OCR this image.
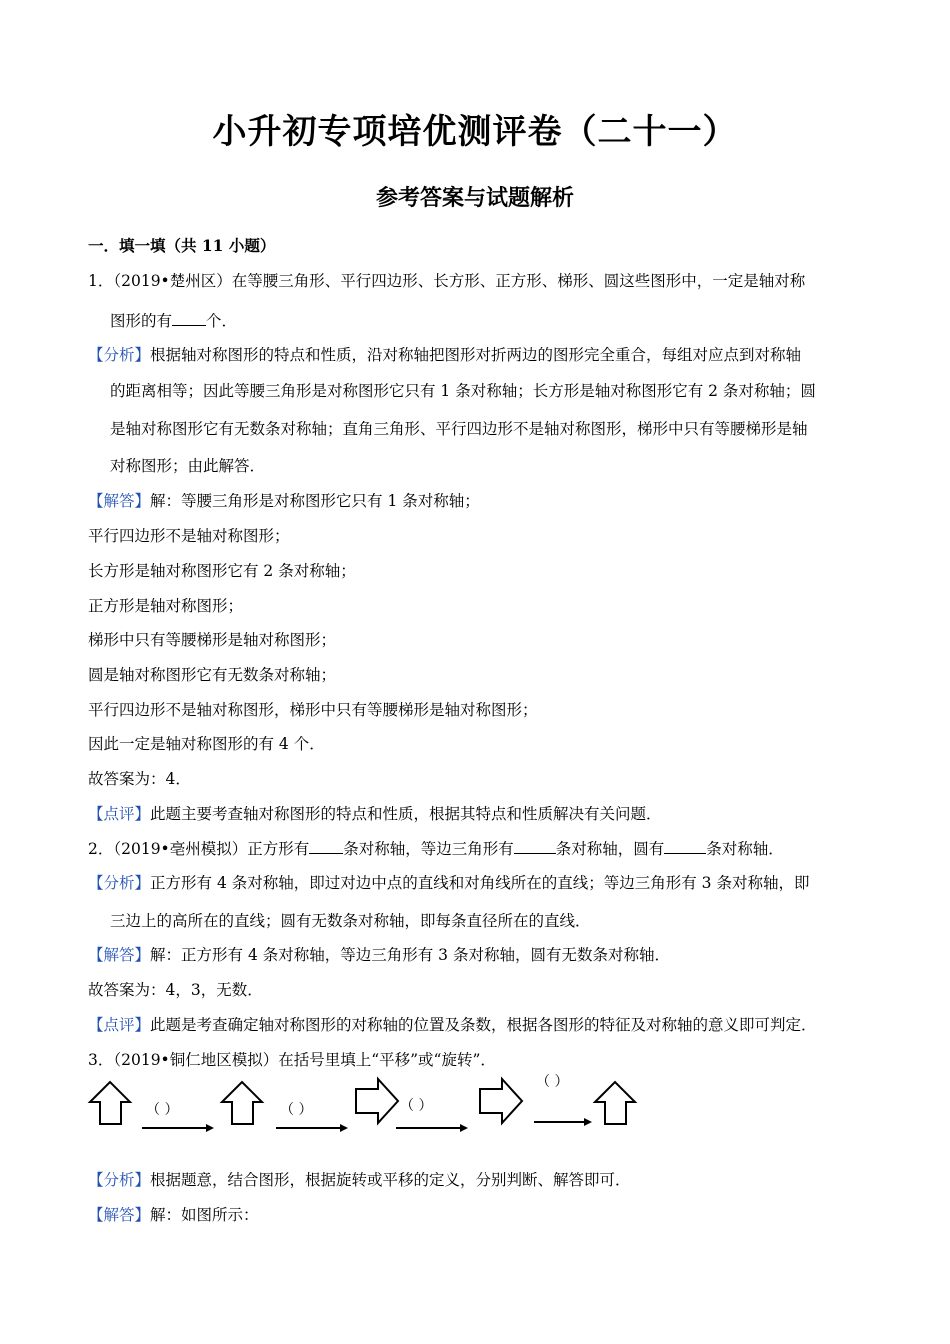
小升初专项培优测评卷（二十一）
参考答案与试题解析
一．填一填（共 11 小题）
1．（2019•楚州区）在等腰三角形、平行四边形、长方形、正方形、梯形、圆这些图形中，一定是轴对称
图形的有 个．
【分析】根据轴对称图形的特点和性质，沿对称轴把图形对折两边的图形完全重合，每组对应点到对称轴
的距离相等；因此等腰三角形是对称图形它只有 1 条对称轴；长方形是轴对称图形它有 2 条对称轴；圆
是轴对称图形它有无数条对称轴；直角三角形、平行四边形不是轴对称图形，梯形中只有等腰梯形是轴
对称图形；由此解答．
【解答】解：等腰三角形是对称图形它只有 1 条对称轴；
平行四边形不是轴对称图形；
长方形是轴对称图形它有 2 条对称轴；
正方形是轴对称图形；
梯形中只有等腰梯形是轴对称图形；
圆是轴对称图形它有无数条对称轴；
平行四边形不是轴对称图形，梯形中只有等腰梯形是轴对称图形；
因此一定是轴对称图形的有 4 个．
故答案为：4．
【点评】此题主要考查轴对称图形的特点和性质，根据其特点和性质解决有关问题．
2．（2019•亳州模拟）正方形有 条对称轴，等边三角形有	条对称轴，圆有	条对称轴．
【分析】正方形有 4 条对称轴，即过对边中点的直线和对角线所在的直线；等边三角形有 3 条对称轴，即
三边上的高所在的直线；圆有无数条对称轴，即每条直径所在的直线．
【解答】解：正方形有 4 条对称轴，等边三角形有 3 条对称轴，圆有无数条对称轴．
故答案为：4，3，无数．
【点评】此题是考查确定轴对称图形的对称轴的位置及条数，根据各图形的特征及对称轴的意义即可判定．
3．（2019•铜仁地区模拟）在括号里填上“平移”或“旋转”．
（ ）	（ ）	（ ）
（ ）
【分析】根据题意，结合图形，根据旋转或平移的定义，分别判断、解答即可．
【解答】解：如图所示：
